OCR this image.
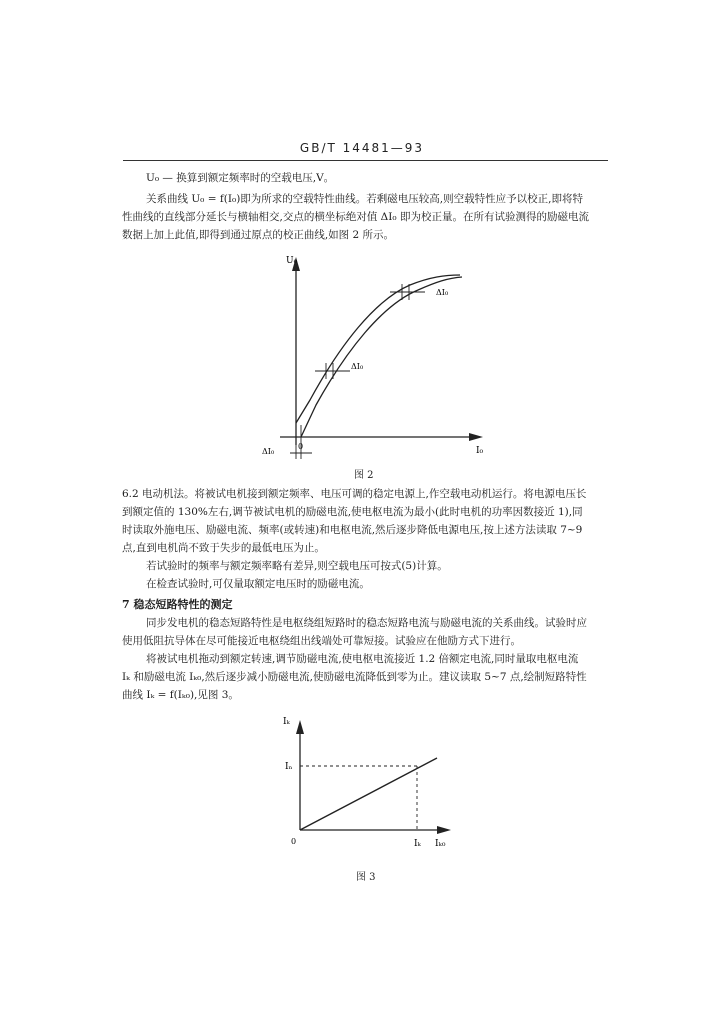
GB/T 14481—93
U₀ — 换算到额定频率时的空载电压,V。
关系曲线 U₀ = f(I₀)即为所求的空载特性曲线。若剩磁电压较高,则空载特性应予以校正,即将特
性曲线的直线部分延长与横轴相交,交点的横坐标绝对值 ΔI₀ 即为校正量。在所有试验测得的励磁电流
数据上加上此值,即得到通过原点的校正曲线,如图 2 所示。
U₀
I₀
0
ΔI₀
ΔI₀
ΔI₀
图 2
6.2 电动机法。将被试电机接到额定频率、电压可调的稳定电源上,作空载电动机运行。将电源电压长
到额定值的 130%左右,调节被试电机的励磁电流,使电枢电流为最小(此时电机的功率因数接近 1),同
时读取外施电压、励磁电流、频率(或转速)和电枢电流,然后逐步降低电源电压,按上述方法读取 7~9
点,直到电机尚不致于失步的最低电压为止。
若试验时的频率与额定频率略有差异,则空载电压可按式(5)计算。
在检查试验时,可仅量取额定电压时的励磁电流。
7 稳态短路特性的测定
同步发电机的稳态短路特性是电枢绕组短路时的稳态短路电流与励磁电流的关系曲线。试验时应
使用低阻抗导体在尽可能接近电枢绕组出线端处可靠短接。试验应在他励方式下进行。
将被试电机拖动到额定转速,调节励磁电流,使电枢电流接近 1.2 倍额定电流,同时量取电枢电流
Iₖ 和励磁电流 Iₖ₀,然后逐步减小励磁电流,使励磁电流降低到零为止。建议读取 5~7 点,绘制短路特性
曲线 Iₖ = f(Iₖ₀),见图 3。
Iₖ
Iₖ₀
Iₙ
Iₖ
0
图 3
